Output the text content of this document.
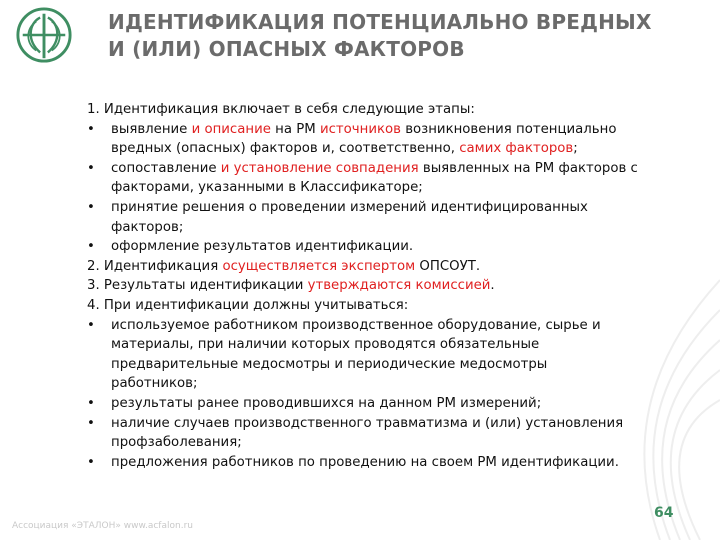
ИДЕНТИФИКАЦИЯ ПОТЕНЦИАЛЬНО ВРЕДНЫХ
И (ИЛИ) ОПАСНЫХ ФАКТОРОВ
1. Идентификация включает в себя следующие этапы:
• выявление и описание на РМ источников возникновения потенциально
вредных (опасных) факторов и, соответственно, самих факторов;
• сопоставление и установление совпадения выявленных на РМ факторов с
факторами, указанными в Классификаторе;
• принятие решения о проведении измерений идентифицированных
факторов;
• оформление результатов идентификации.
2. Идентификация осуществляется экспертом ОПСОУТ.
3. Результаты идентификации утверждаются комиссией.
4. При идентификации должны учитываться:
• используемое работником производственное оборудование, сырье и
материалы, при наличии которых проводятся обязательные
предварительные медосмотры и периодические медосмотры
работников;
• результаты ранее проводившихся на данном РМ измерений;
• наличие случаев производственного травматизма и (или) установления
профзаболевания;
• предложения работников по проведению на своем РМ идентификации.
Ассоциация «ЭТАЛОН» www.acfalon.ru
64
